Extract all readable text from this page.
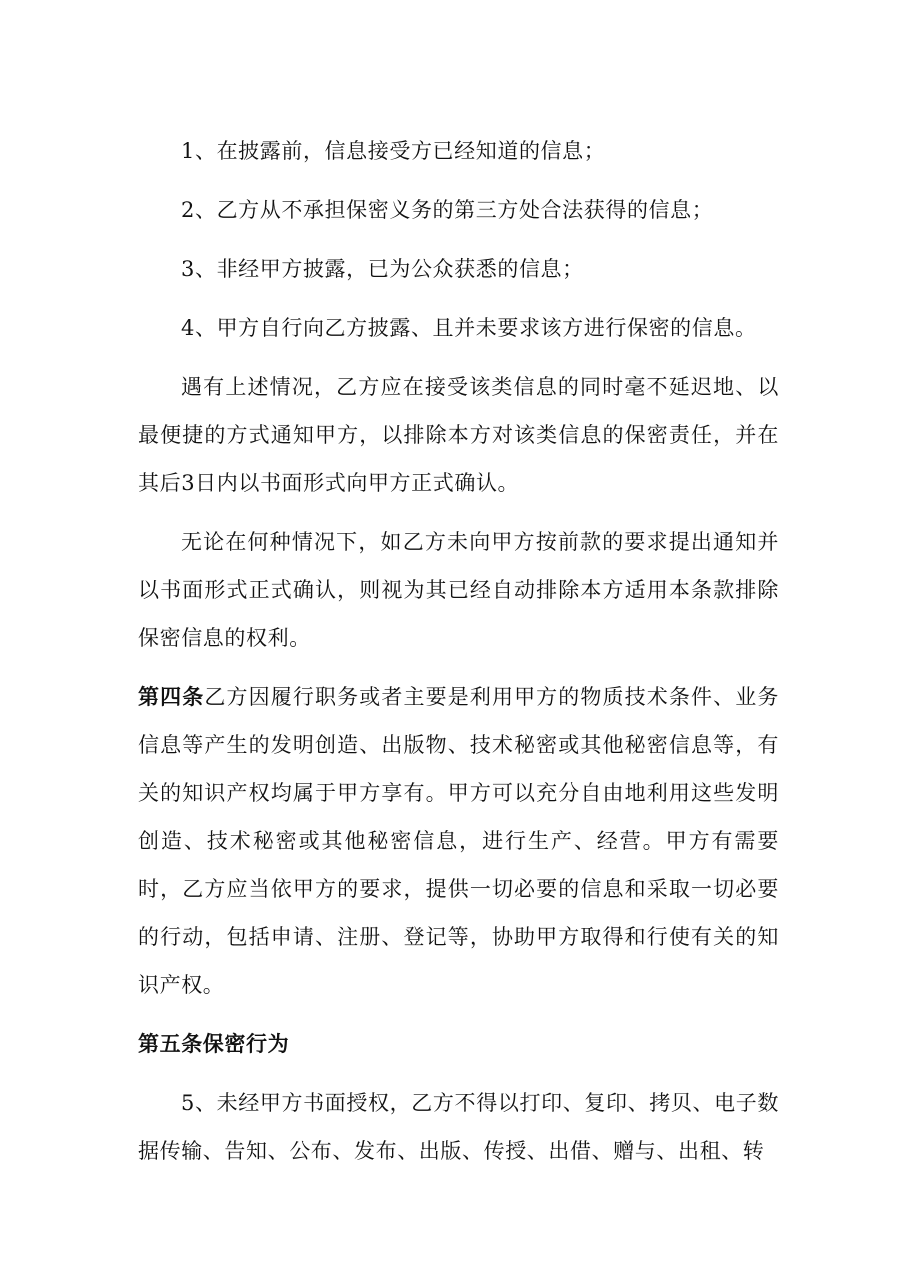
1、在披露前，信息接受方已经知道的信息；

2、乙方从不承担保密义务的第三方处合法获得的信息；

3、非经甲方披露，已为公众获悉的信息；

4、甲方自行向乙方披露、且并未要求该方进行保密的信息。

遇有上述情况，乙方应在接受该类信息的同时毫不延迟地、以最便捷的方式通知甲方，以排除本方对该类信息的保密责任，并在其后3日内以书面形式向甲方正式确认。

无论在何种情况下，如乙方未向甲方按前款的要求提出通知并以书面形式正式确认，则视为其已经自动排除本方适用本条款排除保密信息的权利。

第四条乙方因履行职务或者主要是利用甲方的物质技术条件、业务信息等产生的发明创造、出版物、技术秘密或其他秘密信息等，有关的知识产权均属于甲方享有。甲方可以充分自由地利用这些发明创造、技术秘密或其他秘密信息，进行生产、经营。甲方有需要时，乙方应当依甲方的要求，提供一切必要的信息和采取一切必要的行动，包括申请、注册、登记等，协助甲方取得和行使有关的知识产权。

第五条保密行为

5、未经甲方书面授权，乙方不得以打印、复印、拷贝、电子数据传输、告知、公布、发布、出版、传授、出借、赠与、出租、转
